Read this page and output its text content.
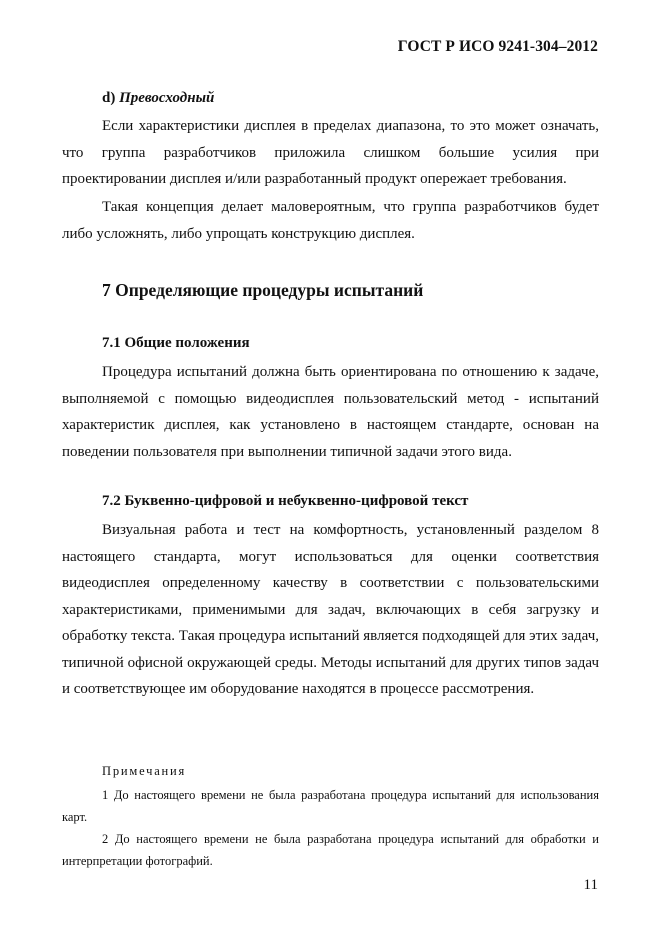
ГОСТ Р ИСО 9241-304–2012
d) Превосходный
Если характеристики дисплея в пределах диапазона, то это может означать, что группа разработчиков приложила слишком большие усилия при проектировании дисплея и/или разработанный продукт опережает требования.
Такая концепция делает маловероятным, что группа разработчиков будет либо усложнять, либо упрощать конструкцию дисплея.
7 Определяющие процедуры испытаний
7.1 Общие положения
Процедура испытаний должна быть ориентирована по отношению к задаче, выполняемой с помощью видеодисплея пользовательский метод - испытаний характеристик дисплея, как установлено в настоящем стандарте, основан на поведении пользователя при выполнении типичной задачи этого вида.
7.2 Буквенно-цифровой и небуквенно-цифровой текст
Визуальная работа и тест на комфортность, установленный разделом 8 настоящего стандарта, могут использоваться для оценки соответствия видеодисплея определенному качеству в соответствии с пользовательскими характеристиками, применимыми для задач, включающих в себя загрузку и обработку текста. Такая процедура испытаний является подходящей для этих задач, типичной офисной окружающей среды. Методы испытаний для других типов задач и соответствующее им оборудование находятся в процессе рассмотрения.
Примечания
1 До настоящего времени не была разработана процедура испытаний для использования карт.
2 До настоящего времени не была разработана процедура испытаний для обработки и интерпретации фотографий.
11
